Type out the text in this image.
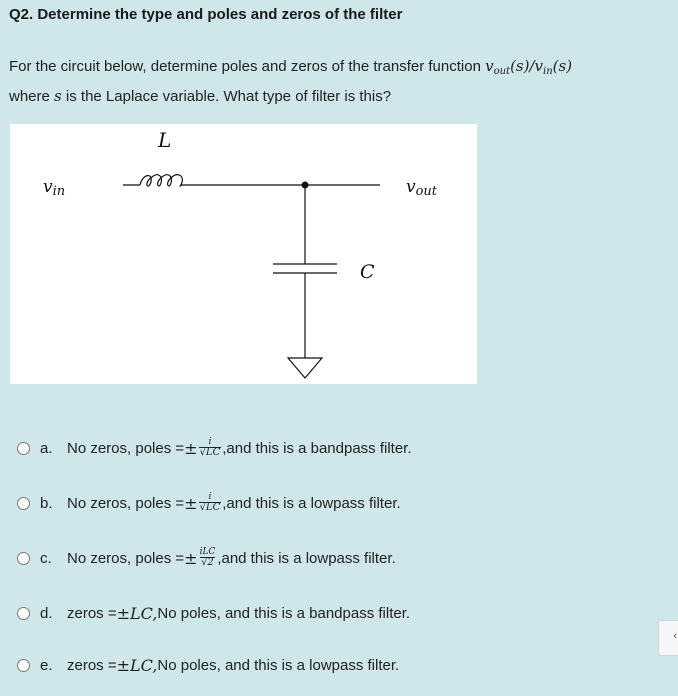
Q2. Determine the type and poles and zeros of the filter
For the circuit below, determine poles and zeros of the transfer function $v_{out}(s)/v_{in}(s)$
where s is the Laplace variable. What type of filter is this?
L
vin	vout
C
a. No zeros, poles = ± $\frac{i}{√LC}$ , and this is a bandpass filter.
b. No zeros, poles = ± $\frac{i}{√LC}$ , and this is a lowpass filter.
c.	No zeros, poles = ± $\frac{\text{iLC}}{√2}$ , and this is a lowpass filter.
d. zeros = ±LC, No poles, and this is a bandpass filter.
e. zeros = ±LC, No poles, and this is a lowpass filter.
‹
